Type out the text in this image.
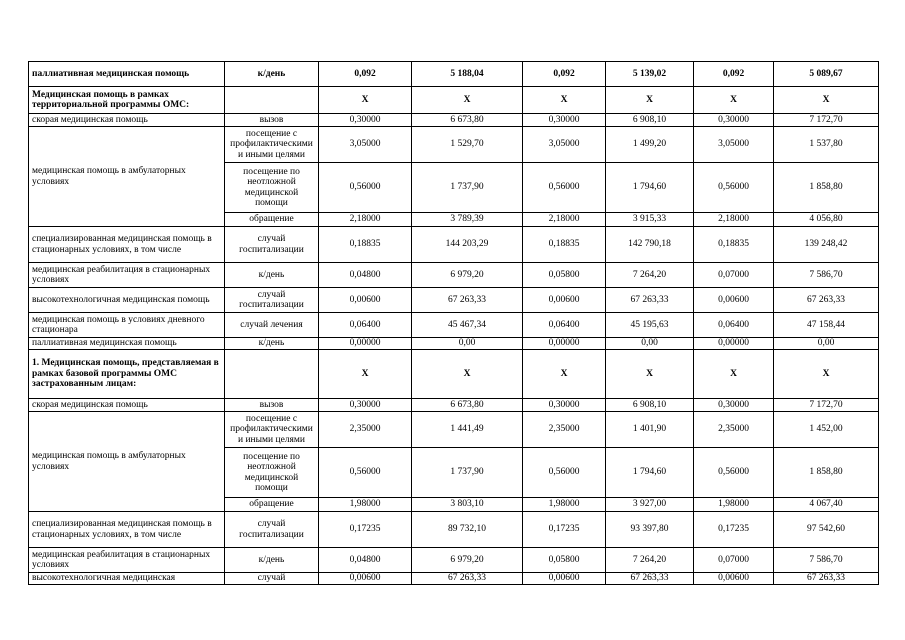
паллиативная медицинская помощь	к/день	0,092	5 188,04	0,092	5 139,02	0,092	5 089,67
Медицинская помощь в рамках территориальной программы ОМС:		X	X	X	X	X	X
скорая медицинская помощь	вызов	0,30000	6 673,80	0,30000	6 908,10	0,30000	7 172,70
медицинская помощь в амбулаторных условиях	посещение с профилактическими и иными целями	3,05000	1 529,70	3,05000	1 499,20	3,05000	1 537,80
	посещение по неотложной медицинской помощи	0,56000	1 737,90	0,56000	1 794,60	0,56000	1 858,80
	обращение	2,18000	3 789,39	2,18000	3 915,33	2,18000	4 056,80
специализированная медицинская помощь в стационарных условиях, в том числе	случай госпитализации	0,18835	144 203,29	0,18835	142 790,18	0,18835	139 248,42
медицинская реабилитация в стационарных условиях	к/день	0,04800	6 979,20	0,05800	7 264,20	0,07000	7 586,70
высокотехнологичная медицинская помощь	случай госпитализации	0,00600	67 263,33	0,00600	67 263,33	0,00600	67 263,33
медицинская помощь в условиях дневного стационара	случай лечения	0,06400	45 467,34	0,06400	45 195,63	0,06400	47 158,44
паллиативная медицинская помощь	к/день	0,00000	0,00	0,00000	0,00	0,00000	0,00
1. Медицинская помощь, представляемая в рамках базовой программы ОМС застрахованным лицам:		X	X	X	X	X	X
скорая медицинская помощь	вызов	0,30000	6 673,80	0,30000	6 908,10	0,30000	7 172,70
медицинская помощь в амбулаторных условиях	посещение с профилактическими и иными целями	2,35000	1 441,49	2,35000	1 401,90	2,35000	1 452,00
	посещение по неотложной медицинской помощи	0,56000	1 737,90	0,56000	1 794,60	0,56000	1 858,80
	обращение	1,98000	3 803,10	1,98000	3 927,00	1,98000	4 067,40
специализированная медицинская помощь в стационарных условиях, в том числе	случай госпитализации	0,17235	89 732,10	0,17235	93 397,80	0,17235	97 542,60
медицинская реабилитация в стационарных условиях	к/день	0,04800	6 979,20	0,05800	7 264,20	0,07000	7 586,70
высокотехнологичная медицинская	случай	0,00600	67 263,33	0,00600	67 263,33	0,00600	67 263,33
